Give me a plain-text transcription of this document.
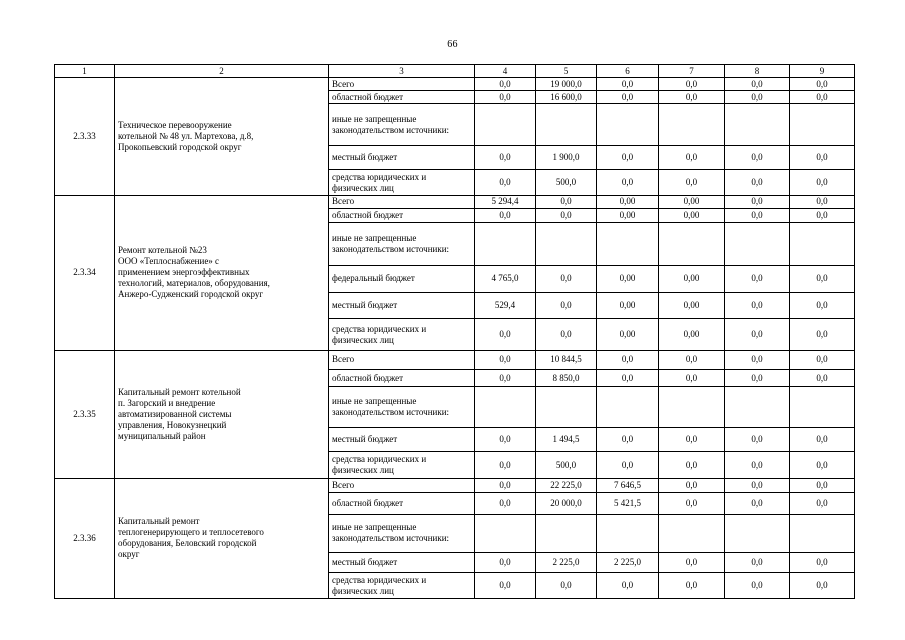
66
1	2	3	4	5	6	7	8	9
2.3.33	Техническое перевооружение
котельной № 48 ул. Мартехова, д.8,
Прокопьевский городской округ	Всего	0,0	19 000,0	0,0	0,0	0,0	0,0
		областной бюджет	0,0	16 600,0	0,0	0,0	0,0	0,0
		иные не запрещенные законодательством источники:						
		местный бюджет	0,0	1 900,0	0,0	0,0	0,0	0,0
		средства юридических и физических лиц	0,0	500,0	0,0	0,0	0,0	0,0
2.3.34	Ремонт котельной №23
ООО «Теплоснабжение» с
применением энергоэффективных
технологий, материалов, оборудования,
Анжеро-Судженский городской округ	Всего	5 294,4	0,0	0,00	0,00	0,0	0,0
		областной бюджет	0,0	0,0	0,00	0,00	0,0	0,0
		иные не запрещенные законодательством источники:						
		федеральный бюджет	4 765,0	0,0	0,00	0,00	0,0	0,0
		местный бюджет	529,4	0,0	0,00	0,00	0,0	0,0
		средства юридических и физических лиц	0,0	0,0	0,00	0,00	0,0	0,0
2.3.35	Капитальный ремонт котельной
п. Загорский и внедрение
автоматизированной системы
управления, Новокузнецкий
муниципальный район	Всего	0,0	10 844,5	0,0	0,0	0,0	0,0
		областной бюджет	0,0	8 850,0	0,0	0,0	0,0	0,0
		иные не запрещенные законодательством источники:						
		местный бюджет	0,0	1 494,5	0,0	0,0	0,0	0,0
		средства юридических и физических лиц	0,0	500,0	0,0	0,0	0,0	0,0
2.3.36	Капитальный ремонт
теплогенерирующего и теплосетевого
оборудования, Беловский городской
округ	Всего	0,0	22 225,0	7 646,5	0,0	0,0	0,0
		областной бюджет	0,0	20 000,0	5 421,5	0,0	0,0	0,0
		иные не запрещенные законодательством источники:						
		местный бюджет	0,0	2 225,0	2 225,0	0,0	0,0	0,0
		средства юридических и физических лиц	0,0	0,0	0,0	0,0	0,0	0,0
